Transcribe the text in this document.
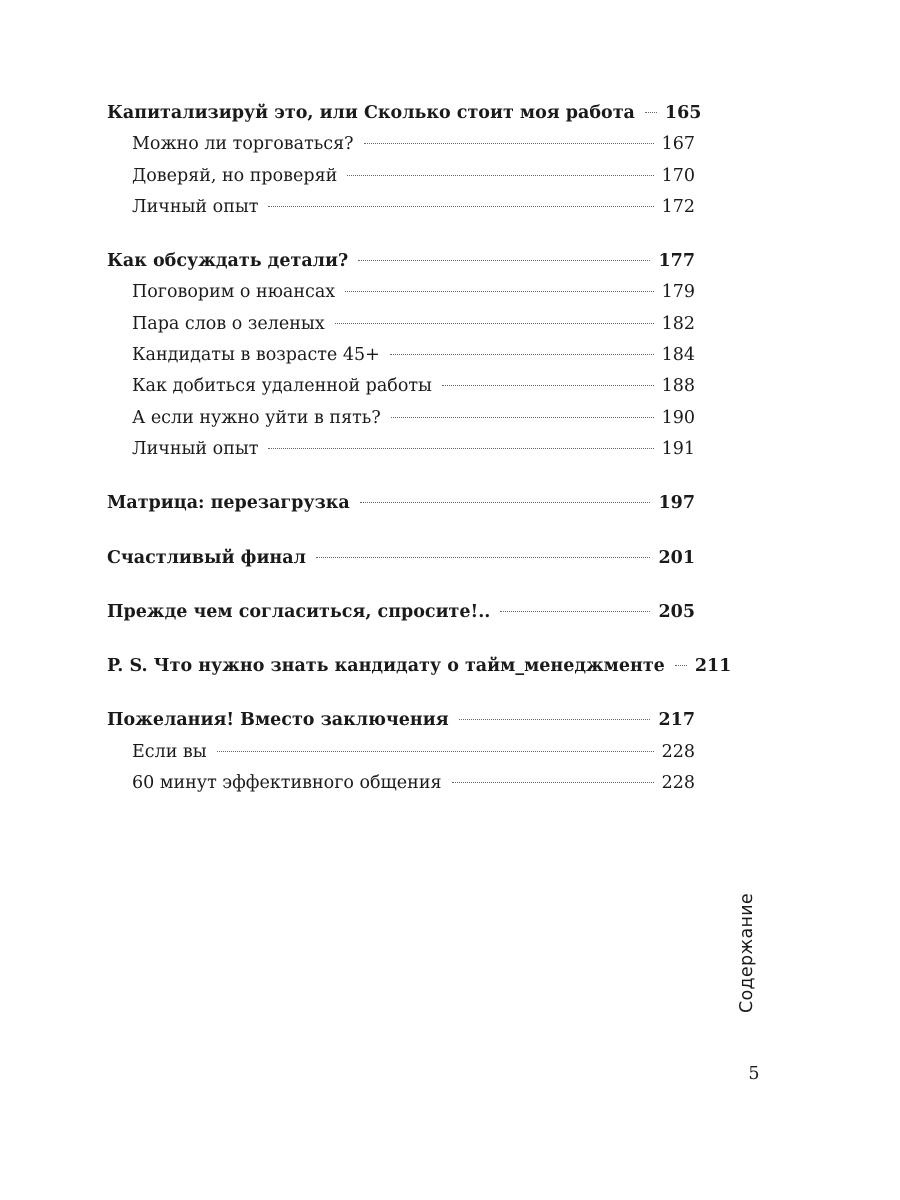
Капитализируй это, или Сколько стоит моя работа 165
Можно ли торговаться?	167
Доверяй, но проверяй	170
Личный опыт	172
Как обсуждать детали?	177
Поговорим о нюансах	179
Пара слов о зеленых	182
Кандидаты в возрасте 45+	184
Как добиться удаленной работы	188
А если нужно уйти в пять?	190
Личный опыт	191
Матрица: перезагрузка	197
Счастливый финал	201
Прежде чем согласиться, спросите!..	205
P. S. Что нужно знать кандидату о тайм_менеджменте 211
Пожелания! Вместо заключения	217
Если вы	228
60 минут эффективного общения	228
Содержание
5
